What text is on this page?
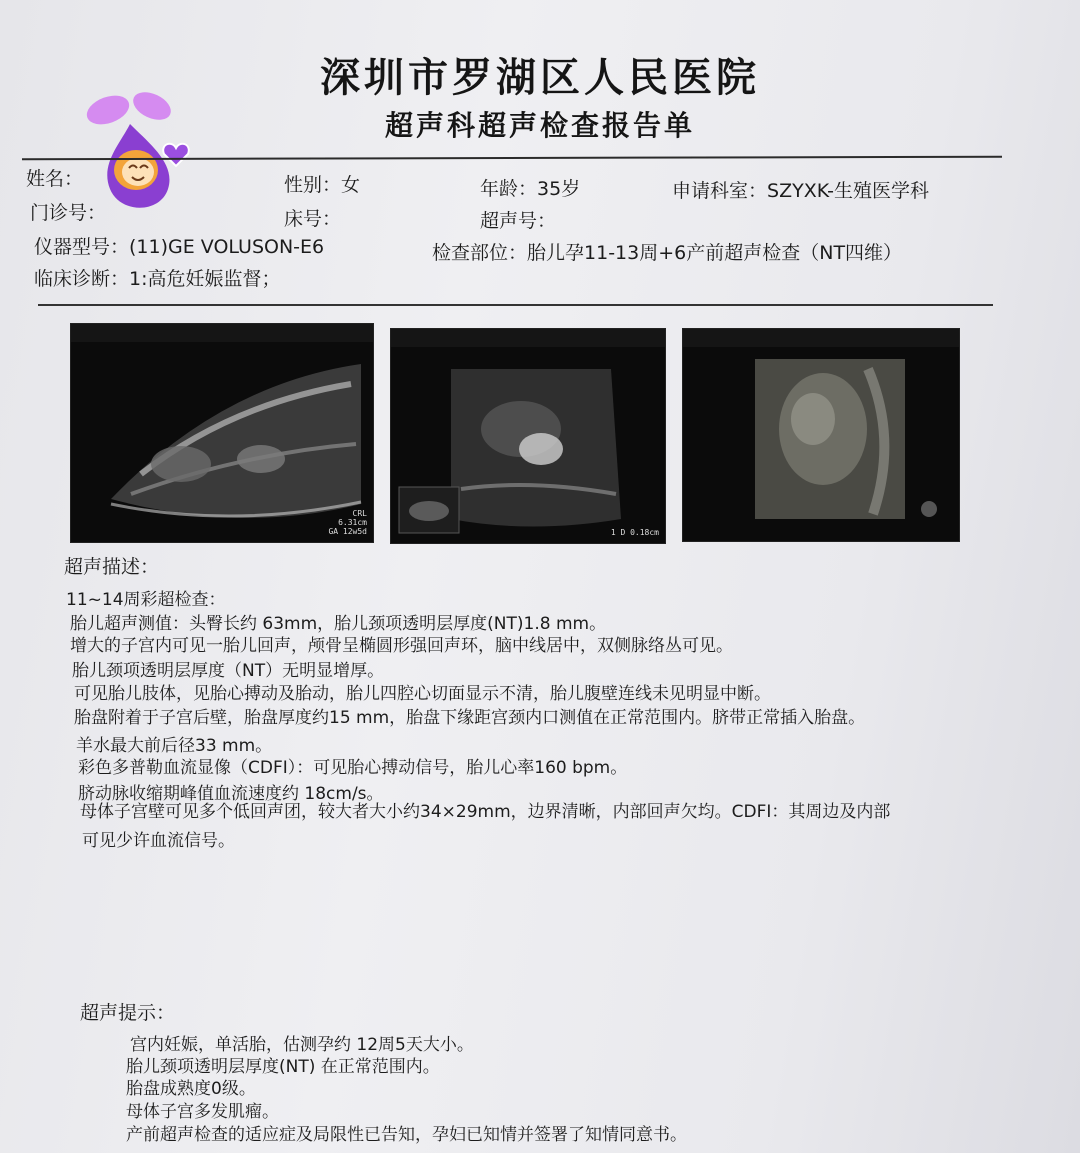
深圳市罗湖区人民医院
超声科超声检查报告单
姓名：	性别：女	年龄：35岁	申请科室：SZYXK-生殖医学科
门诊号：	床号：	超声号：
仪器型号：(11)GE VOLUSON-E6	检查部位：胎儿孕11-13周+6产前超声检查（NT四维）
临床诊断：1:高危妊娠监督；
CRL 6.31cm GA 12w5d	1 D 0.18cm
超声描述：
11~14周彩超检查：
胎儿超声测值：头臀长约 63mm，胎儿颈项透明层厚度(NT)1.8 mm。
增大的子宫内可见一胎儿回声，颅骨呈椭圆形强回声环，脑中线居中，双侧脉络丛可见。
胎儿颈项透明层厚度（NT）无明显增厚。
可见胎儿肢体，见胎心搏动及胎动，胎儿四腔心切面显示不清，胎儿腹壁连线未见明显中断。
胎盘附着于子宫后壁，胎盘厚度约15 mm，胎盘下缘距宫颈内口测值在正常范围内。脐带正常插入胎盘。
羊水最大前后径33 mm。
彩色多普勒血流显像（CDFI）：可见胎心搏动信号，胎儿心率160 bpm。
脐动脉收缩期峰值血流速度约 18cm/s。
母体子宫壁可见多个低回声团，较大者大小约34×29mm，边界清晰，内部回声欠均。CDFI：其周边及内部
可见少许血流信号。
超声提示：
宫内妊娠，单活胎，估测孕约 12周5天大小。
胎儿颈项透明层厚度(NT) 在正常范围内。
胎盘成熟度0级。
母体子宫多发肌瘤。
产前超声检查的适应症及局限性已告知，孕妇已知情并签署了知情同意书。
